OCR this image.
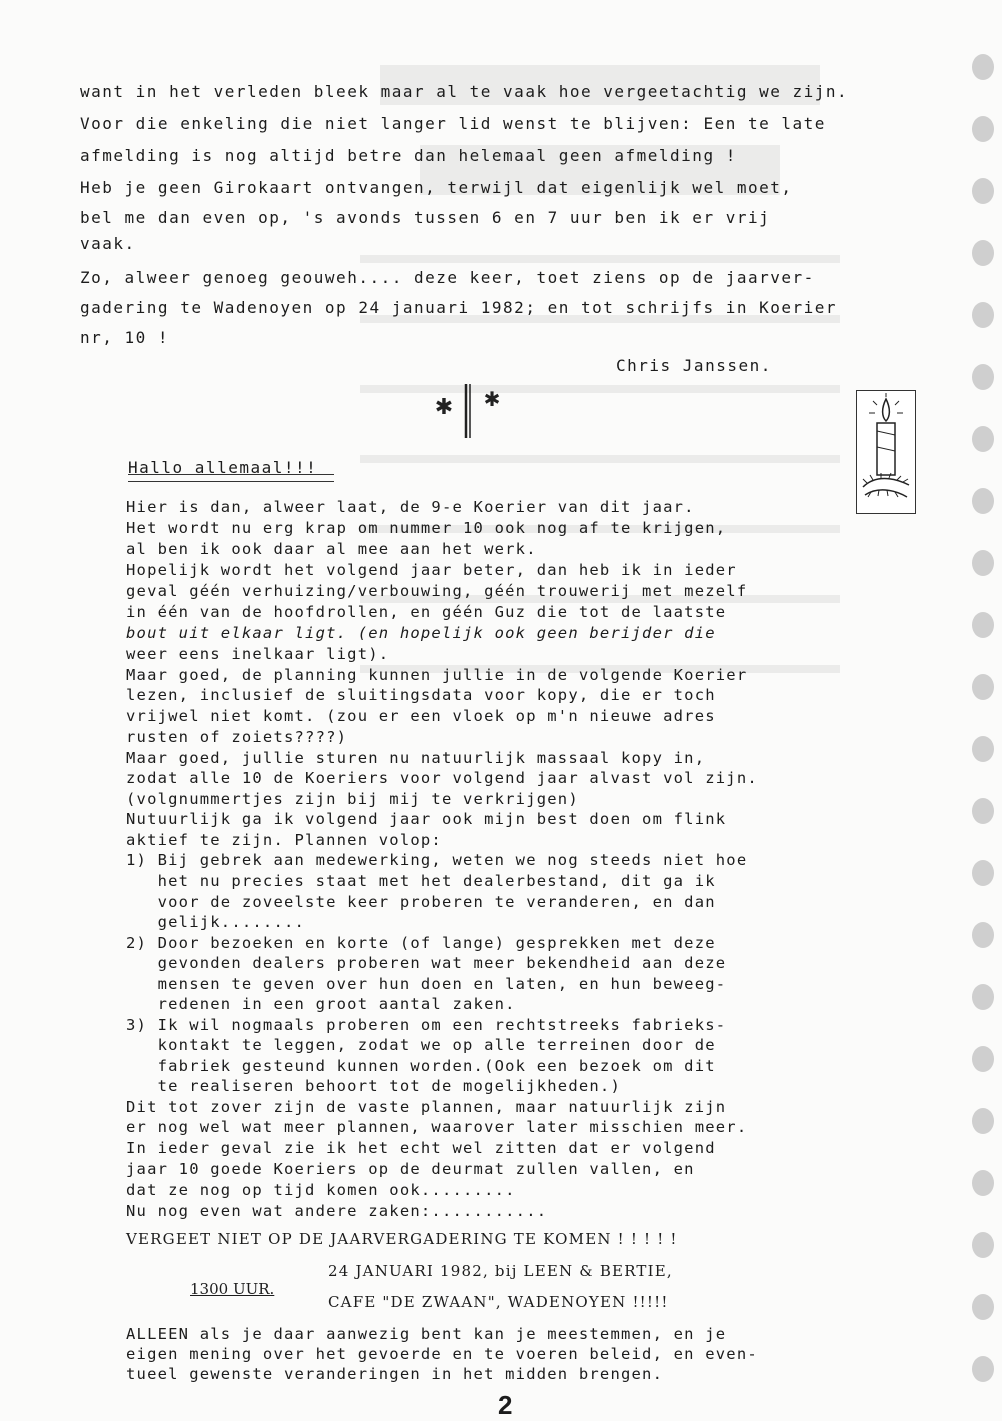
want in het verleden bleek maar al te vaak hoe vergeetachtig we zijn.
Voor die enkeling die niet langer lid wenst te blijven: Een te late
afmelding is nog altijd betre dan helemaal geen afmelding !
Heb je geen Girokaart ontvangen, terwijl dat eigenlijk wel moet,
bel me dan even op, 's avonds tussen 6 en 7 uur ben ik er vrij
vaak.
Zo, alweer genoeg geouweh.... deze keer, toet ziens op de jaarver-
gadering te Wadenoyen op 24 januari 1982; en tot schrijfs in Koerier
nr, 10 !
Chris Janssen.
✱ ✱
Hallo allemaal!!!
Hier is dan, alweer laat, de 9-e Koerier van dit jaar.
Het wordt nu erg krap om nummer 10 ook nog af te krijgen,
al ben ik ook daar al mee aan het werk.
Hopelijk wordt het volgend jaar beter, dan heb ik in ieder
geval géén verhuizing/verbouwing, géén trouwerij met mezelf
in één van de hoofdrollen, en géén Guz die tot de laatste
bout uit elkaar ligt. (en hopelijk ook geen berijder die
weer eens inelkaar ligt).
Maar goed, de planning kunnen jullie in de volgende Koerier
lezen, inclusief de sluitingsdata voor kopy, die er toch
vrijwel niet komt. (zou er een vloek op m'n nieuwe adres
rusten of zoiets????)
Maar goed, jullie sturen nu natuurlijk massaal kopy in,
zodat alle 10 de Koeriers voor volgend jaar alvast vol zijn.
(volgnummertjes zijn bij mij te verkrijgen)
Nutuurlijk ga ik volgend jaar ook mijn best doen om flink
aktief te zijn. Plannen volop:
1) Bij gebrek aan medewerking, weten we nog steeds niet hoe
het nu precies staat met het dealerbestand, dit ga ik
voor de zoveelste keer proberen te veranderen, en dan
gelijk........
2) Door bezoeken en korte (of lange) gesprekken met deze
gevonden dealers proberen wat meer bekendheid aan deze
mensen te geven over hun doen en laten, en hun beweeg-
redenen in een groot aantal zaken.
3) Ik wil nogmaals proberen om een rechtstreeks fabrieks-
kontakt te leggen, zodat we op alle terreinen door de
fabriek gesteund kunnen worden.(Ook een bezoek om dit
te realiseren behoort tot de mogelijkheden.)
Dit tot zover zijn de vaste plannen, maar natuurlijk zijn
er nog wel wat meer plannen, waarover later misschien meer.
In ieder geval zie ik het echt wel zitten dat er volgend
jaar 10 goede Koeriers op de deurmat zullen vallen, en
dat ze nog op tijd komen ook.........
Nu nog even wat andere zaken:...........
VERGEET NIET OP DE JAARVERGADERING TE KOMEN ! ! ! ! !
24 JANUARI 1982, bij LEEN & BERTIE,
1300 UUR.
CAFE "DE ZWAAN", WADENOYEN !!!!!
ALLEEN als je daar aanwezig bent kan je meestemmen, en je
eigen mening over het gevoerde en te voeren beleid, en even-
tueel gewenste veranderingen in het midden brengen.
2
